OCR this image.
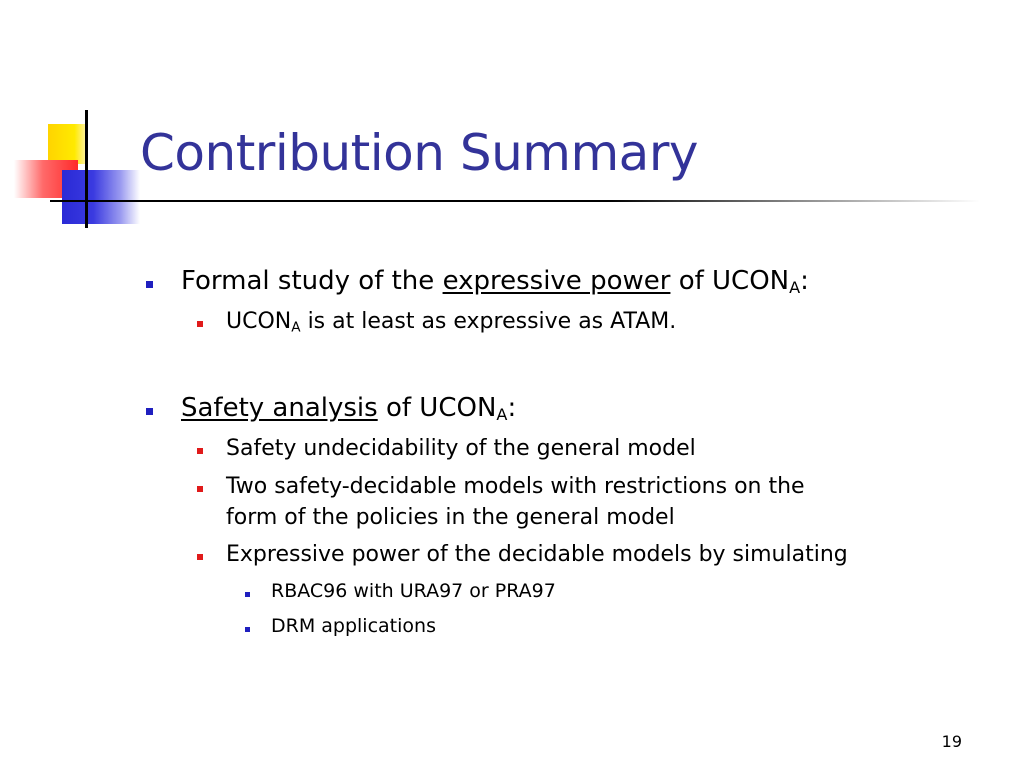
Contribution Summary
Formal study of the expressive power of $UCON_A$:
$UCON_A$ is at least as expressive as ATAM.
Safety analysis of $UCON_A$:
Safety undecidability of the general model
Two safety-decidable models with restrictions on the
form of the policies in the general model
Expressive power of the decidable models by simulating
RBAC96 with URA97 or PRA97
DRM applications
19
